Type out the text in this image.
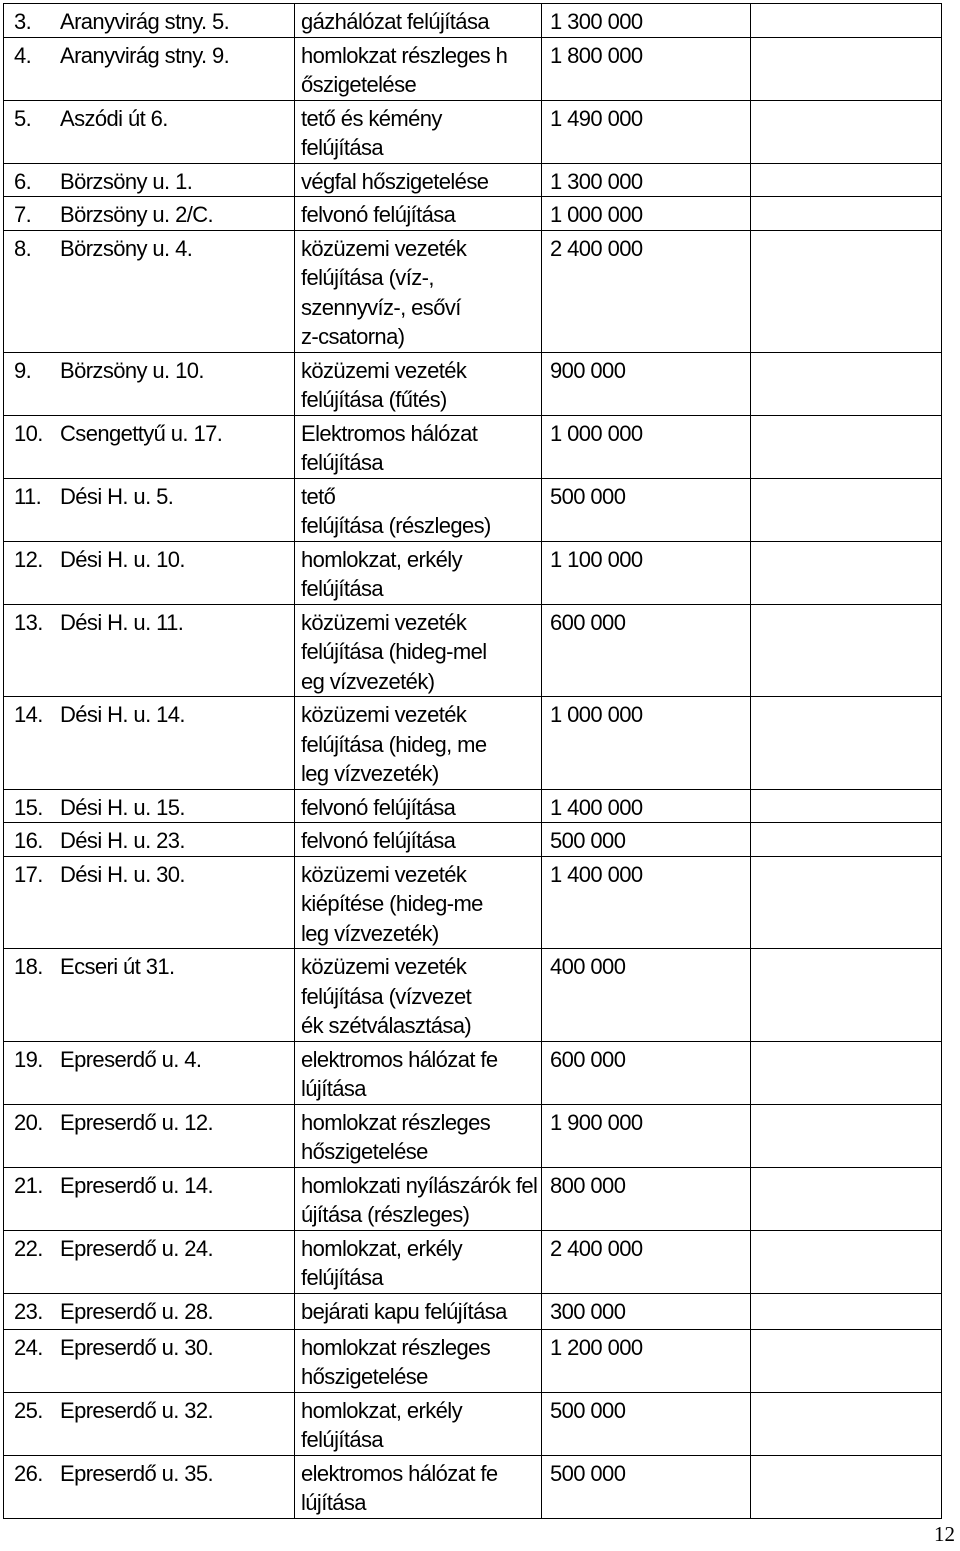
3. Aranyvirág stny. 5.	gázhálózat felújítása	1 300 000	
4. Aranyvirág stny. 9.	homlokzat részleges h
őszigetelése	1 800 000	
5. Aszódi út 6.	tető és kémény
felújítása	1 490 000	
6. Börzsöny u. 1.	végfal hőszigetelése	1 300 000	
7. Börzsöny u. 2/C.	felvonó felújítása	1 000 000	
8. Börzsöny u. 4.	közüzemi vezeték
felújítása (víz-,
szennyvíz-, esőví
z-csatorna)	2 400 000	
9. Börzsöny u. 10.	közüzemi vezeték
felújítása (fűtés)	900 000	
10. Csengettyű u. 17.	Elektromos hálózat
felújítása	1 000 000	
11. Dési H. u. 5.	tető
felújítása (részleges)	500 000	
12. Dési H. u. 10.	homlokzat, erkély
felújítása	1 100 000	
13. Dési H. u. 11.	közüzemi vezeték
felújítása (hideg-mel
eg vízvezeték)	600 000	
14. Dési H. u. 14.	közüzemi vezeték
felújítása (hideg, me
leg vízvezeték)	1 000 000	
15. Dési H. u. 15.	felvonó felújítása	1 400 000	
16. Dési H. u. 23.	felvonó felújítása	500 000	
17. Dési H. u. 30.	közüzemi vezeték
kiépítése (hideg-me
leg vízvezeték)	1 400 000	
18. Ecseri út 31.	közüzemi vezeték
felújítása (vízvezet
ék szétválasztása)	400 000	
19. Epreserdő u. 4.	elektromos hálózat fe
lújítása	600 000	
20. Epreserdő u. 12.	homlokzat részleges
hőszigetelése	1 900 000	
21. Epreserdő u. 14.	homlokzati nyílászárók fel
újítása (részleges)	800 000	
22. Epreserdő u. 24.	homlokzat, erkély
felújítása	2 400 000	
23. Epreserdő u. 28.	bejárati kapu felújítása	300 000	
24. Epreserdő u. 30.	homlokzat részleges
hőszigetelése	1 200 000	
25. Epreserdő u. 32.	homlokzat, erkély
felújítása	500 000	
26. Epreserdő u. 35.	elektromos hálózat fe
lújítása	500 000	
12
